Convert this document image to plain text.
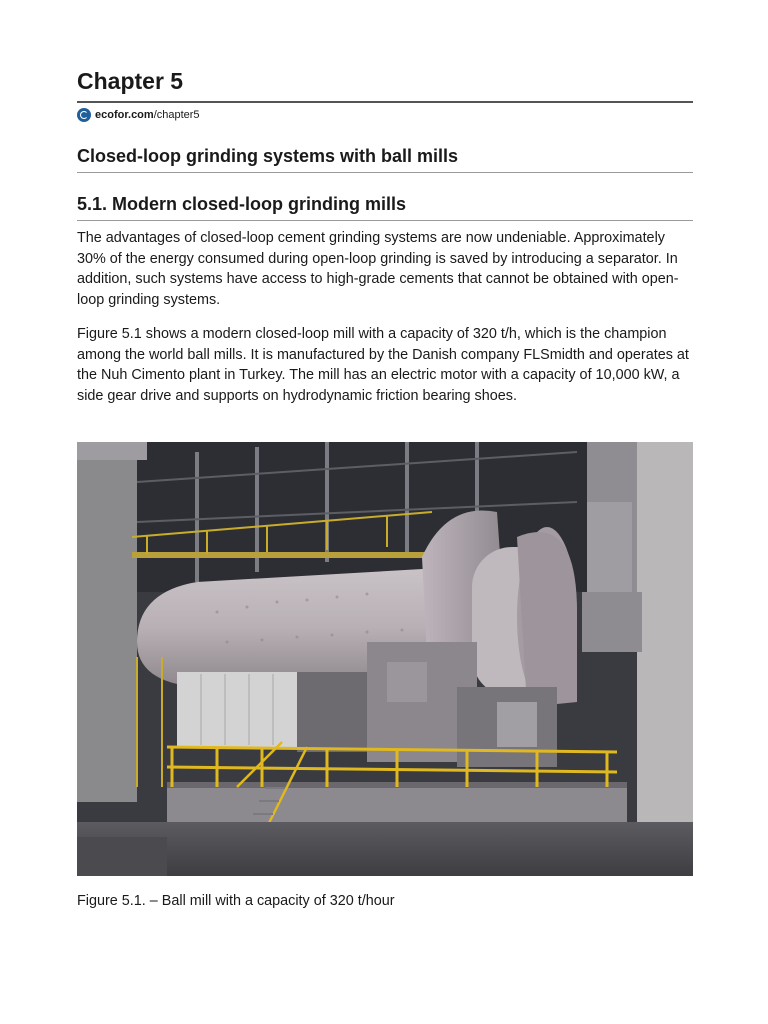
Chapter 5
ecofor.com /chapter5
Closed-loop grinding systems with ball mills
5.1. Modern closed-loop grinding mills

The advantages of closed-loop cement grinding systems are now undeniable. Approximately 30% of the energy consumed during open-loop grinding is saved by introducing a separator. In addition, such systems have access to high-grade cements that cannot be obtained with open-loop grinding systems.

Figure 5.1 shows a modern closed-loop mill with a capacity of 320 t/h, which is the champion among the world ball mills. It is manufactured by the Danish company FLSmidth and operates at the Nuh Cimento plant in Turkey. The mill has an electric motor with a capacity of 10,000 kW, a side gear drive and supports on hydrodynamic friction bearing shoes.

Figure 5.1. – Ball mill with a capacity of 320 t/hour
